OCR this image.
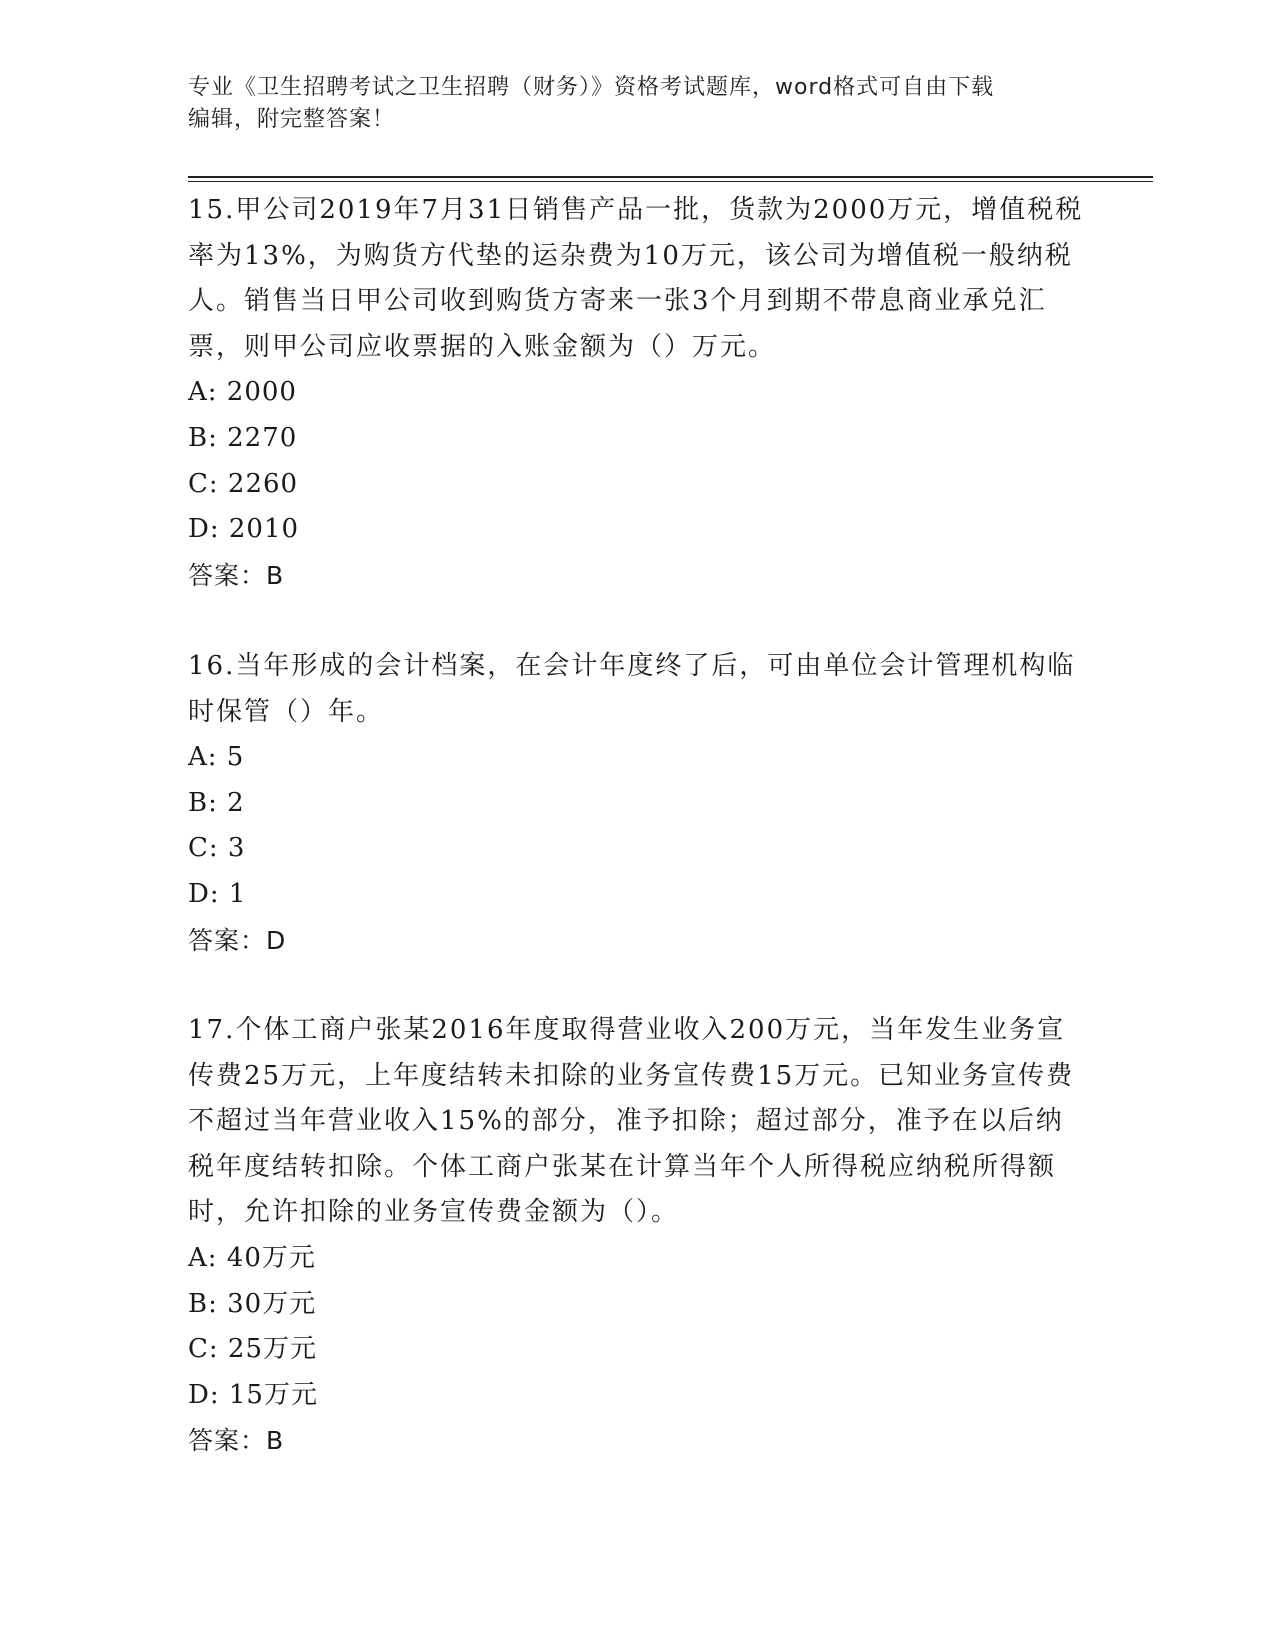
专业《卫生招聘考试之卫生招聘（财务）》资格考试题库，word格式可自由下载
编辑，附完整答案！

15.甲公司2019年7月31日销售产品一批，货款为2000万元，增值税税率为13%，为购货方代垫的运杂费为10万元，该公司为增值税一般纳税人。销售当日甲公司收到购货方寄来一张3个月到期不带息商业承兑汇票，则甲公司应收票据的入账金额为（）万元。

A: 2000

B: 2270

C: 2260

D: 2010

答案：B

16.当年形成的会计档案，在会计年度终了后，可由单位会计管理机构临时保管（）年。

A: 5

B: 2

C: 3

D: 1

答案：D

17.个体工商户张某2016年度取得营业收入200万元，当年发生业务宣传费25万元，上年度结转未扣除的业务宣传费15万元。已知业务宣传费不超过当年营业收入15%的部分，准予扣除；超过部分，准予在以后纳税年度结转扣除。个体工商户张某在计算当年个人所得税应纳税所得额时，允许扣除的业务宣传费金额为（）。

A: 40万元

B: 30万元

C: 25万元

D: 15万元

答案：B
